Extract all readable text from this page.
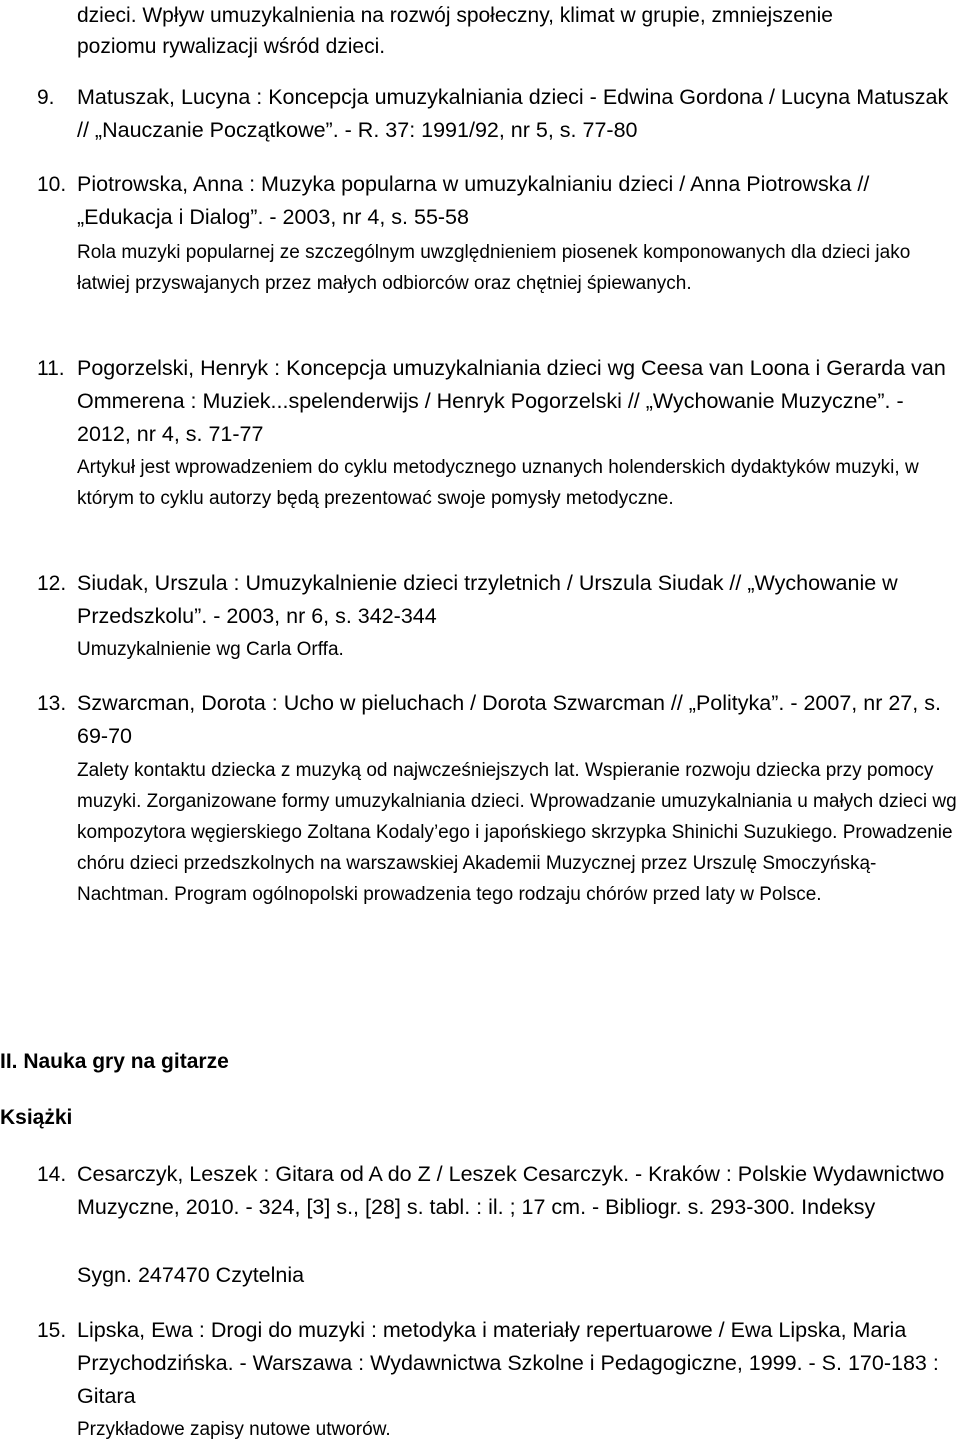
dzieci. Wpływ umuzykalnienia na rozwój społeczny, klimat w grupie, zmniejszenie
poziomu rywalizacji wśród dzieci.
9. Matuszak, Lucyna : Koncepcja umuzykalniania dzieci - Edwina Gordona / Lucyna Matuszak // „Nauczanie Początkowe”. - R. 37: 1991/92, nr 5, s. 77-80
10. Piotrowska, Anna : Muzyka popularna w umuzykalnianiu dzieci / Anna Piotrowska // „Edukacja i Dialog”. - 2003, nr 4, s. 55-58
Rola muzyki popularnej ze szczególnym uwzględnieniem piosenek komponowanych dla dzieci jako łatwiej przyswajanych przez małych odbiorców oraz chętniej śpiewanych.
11. Pogorzelski, Henryk : Koncepcja umuzykalniania dzieci wg Ceesa van Loona i Gerarda van Ommerena : Muziek...spelenderwijs / Henryk Pogorzelski // „Wychowanie Muzyczne”. - 2012, nr 4, s. 71-77
Artykuł jest wprowadzeniem do cyklu metodycznego uznanych holenderskich dydaktyków muzyki, w którym to cyklu autorzy będą prezentować swoje pomysły metodyczne.
12. Siudak, Urszula : Umuzykalnienie dzieci trzyletnich / Urszula Siudak // „Wychowanie w Przedszkolu”. - 2003, nr 6, s. 342-344
Umuzykalnienie wg Carla Orffa.
13. Szwarcman, Dorota : Ucho w pieluchach / Dorota Szwarcman // „Polityka”. - 2007, nr 27, s. 69-70
Zalety kontaktu dziecka z muzyką od najwcześniejszych lat. Wspieranie rozwoju dziecka przy pomocy muzyki. Zorganizowane formy umuzykalniania dzieci. Wprowadzanie umuzykalniania u małych dzieci wg kompozytora węgierskiego Zoltana Kodaly’ego i japońskiego skrzypka Shinichi Suzukiego. Prowadzenie chóru dzieci przedszkolnych na warszawskiej Akademii Muzycznej przez Urszulę Smoczyńską-Nachtman. Program ogólnopolski prowadzenia tego rodzaju chórów przed laty w Polsce.
II. Nauka gry na gitarze
Książki
14. Cesarczyk, Leszek : Gitara od A do Z / Leszek Cesarczyk. - Kraków : Polskie Wydawnictwo Muzyczne, 2010. - 324, [3] s., [28] s. tabl. : il. ; 17 cm. - Bibliogr. s. 293-300. Indeksy
Sygn. 247470 Czytelnia
15. Lipska, Ewa : Drogi do muzyki : metodyka i materiały repertuarowe / Ewa Lipska, Maria Przychodzińska. - Warszawa : Wydawnictwa Szkolne i Pedagogiczne, 1999. - S. 170-183 : Gitara
Przykładowe zapisy nutowe utworów.
